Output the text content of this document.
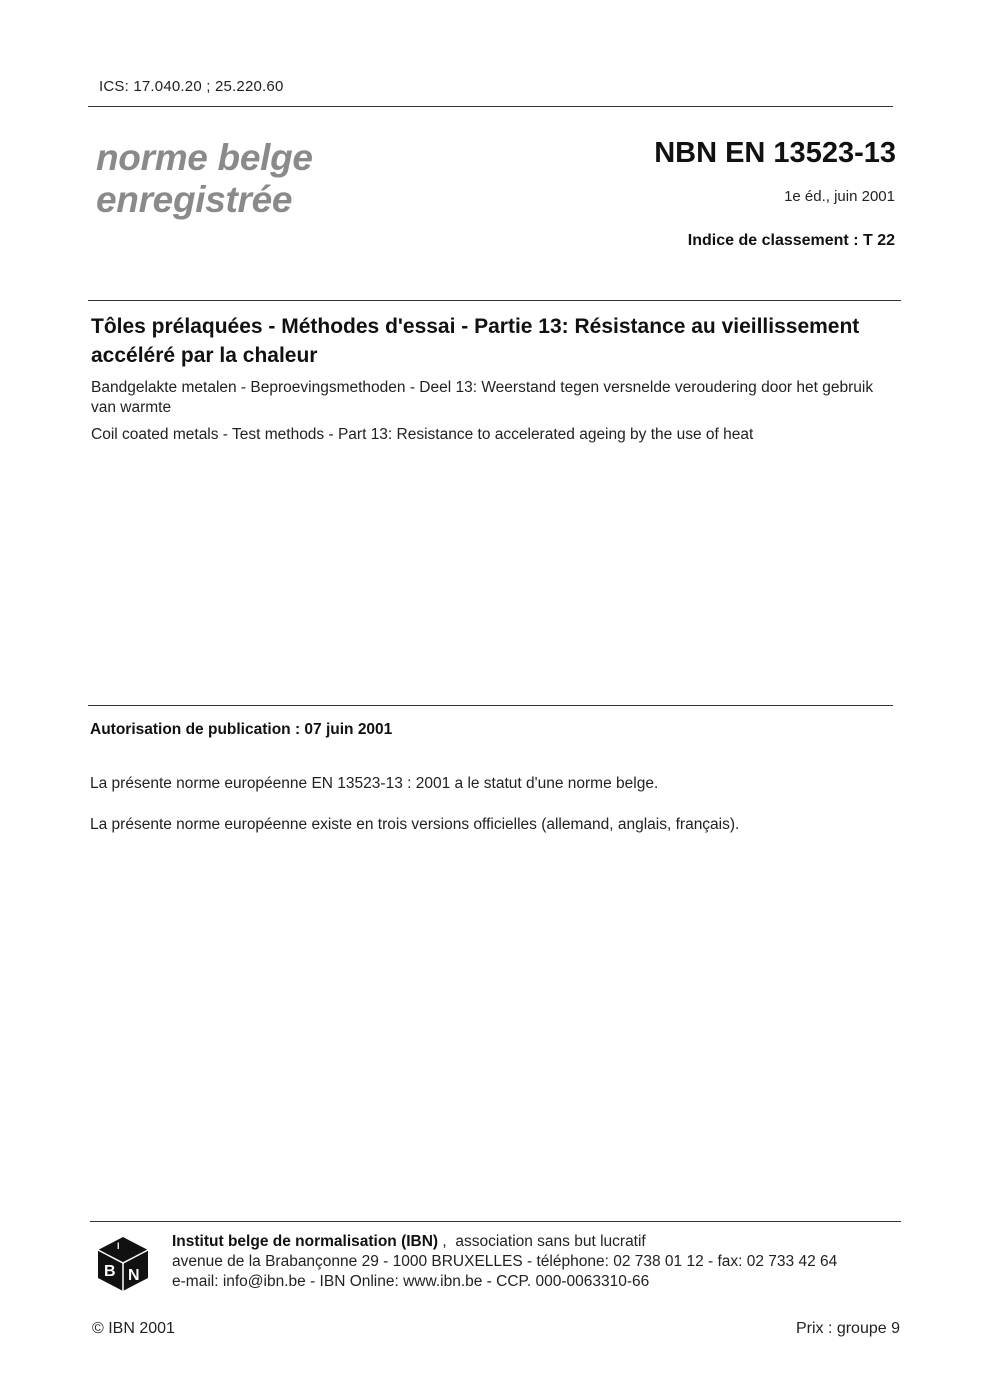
ICS: 17.040.20 ; 25.220.60
norme belge
enregistrée
NBN EN 13523-13
1e éd., juin 2001
Indice de classement : T 22
Tôles prélaquées - Méthodes d'essai - Partie 13: Résistance au vieillissement accéléré par la chaleur
Bandgelakte metalen - Beproevingsmethoden - Deel 13: Weerstand tegen versnelde veroudering door het gebruik van warmte
Coil coated metals - Test methods - Part 13: Resistance to accelerated ageing by the use of heat
Autorisation de publication : 07 juin 2001
La présente norme européenne EN 13523-13 : 2001 a le statut d'une norme belge.
La présente norme européenne existe en trois versions officielles (allemand, anglais, français).
I
B N
Institut belge de normalisation (IBN) ,  association sans but lucratif
avenue de la Brabançonne 29 - 1000 BRUXELLES - téléphone: 02 738 01 12 - fax: 02 733 42 64
e-mail: info@ibn.be - IBN Online: www.ibn.be - CCP. 000-0063310-66
© IBN 2001	Prix : groupe 9
